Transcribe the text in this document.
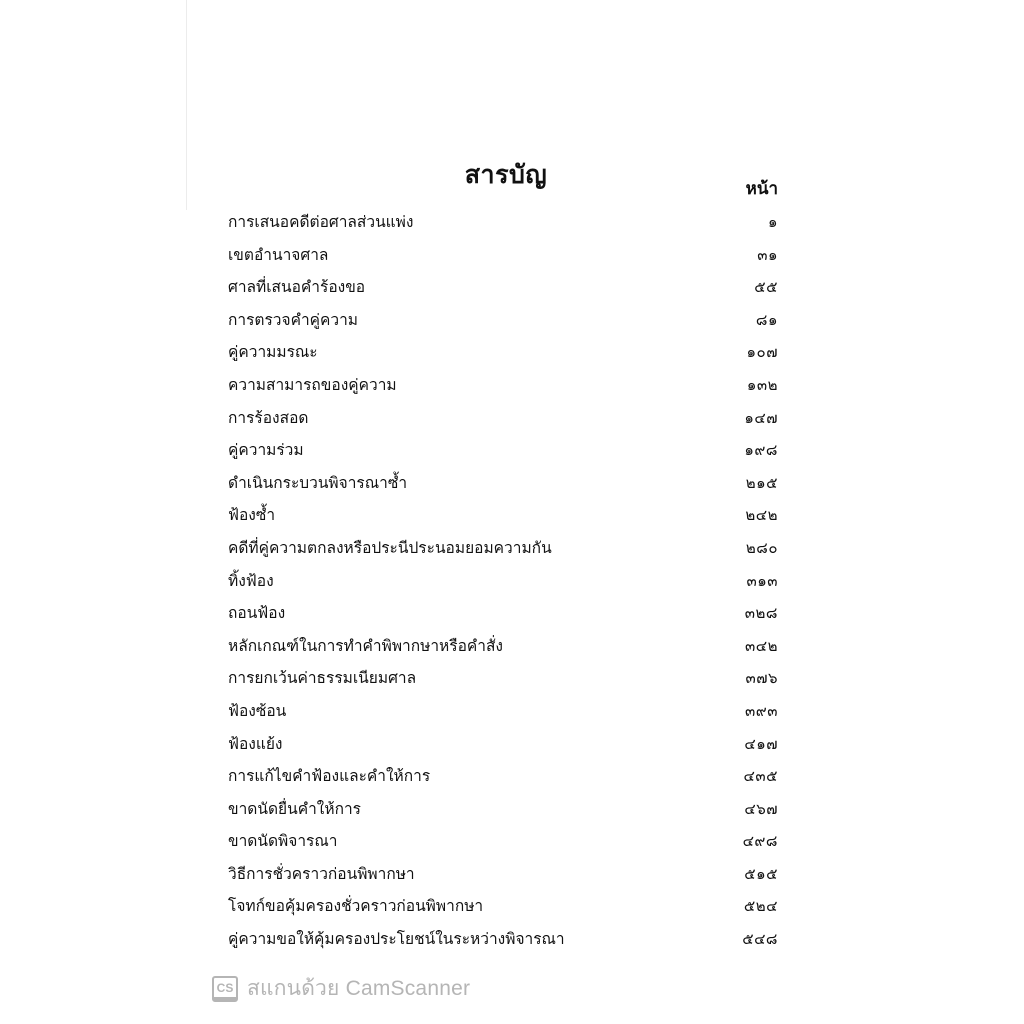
สารบัญ
หน้า
การเสนอคดีต่อศาลส่วนแพ่ง	๑
เขตอำนาจศาล	๓๑
ศาลที่เสนอคำร้องขอ	๕๕
การตรวจคำคู่ความ	๘๑
คู่ความมรณะ	๑๐๗
ความสามารถของคู่ความ	๑๓๒
การร้องสอด	๑๔๗
คู่ความร่วม	๑๙๘
ดำเนินกระบวนพิจารณาซ้ำ	๒๑๕
ฟ้องซ้ำ	๒๔๒
คดีที่คู่ความตกลงหรือประนีประนอมยอมความกัน	๒๘๐
ทิ้งฟ้อง	๓๑๓
ถอนฟ้อง	๓๒๘
หลักเกณฑ์ในการทำคำพิพากษาหรือคำสั่ง	๓๔๒
การยกเว้นค่าธรรมเนียมศาล	๓๗๖
ฟ้องซ้อน	๓๙๓
ฟ้องแย้ง	๔๑๗
การแก้ไขคำฟ้องและคำให้การ	๔๓๕
ขาดนัดยื่นคำให้การ	๔๖๗
ขาดนัดพิจารณา	๔๙๘
วิธีการชั่วคราวก่อนพิพากษา	๕๑๕
โจทก์ขอคุ้มครองชั่วคราวก่อนพิพากษา	๕๒๔
คู่ความขอให้คุ้มครองประโยชน์ในระหว่างพิจารณา	๕๔๘
CS สแกนด้วย CamScanner
